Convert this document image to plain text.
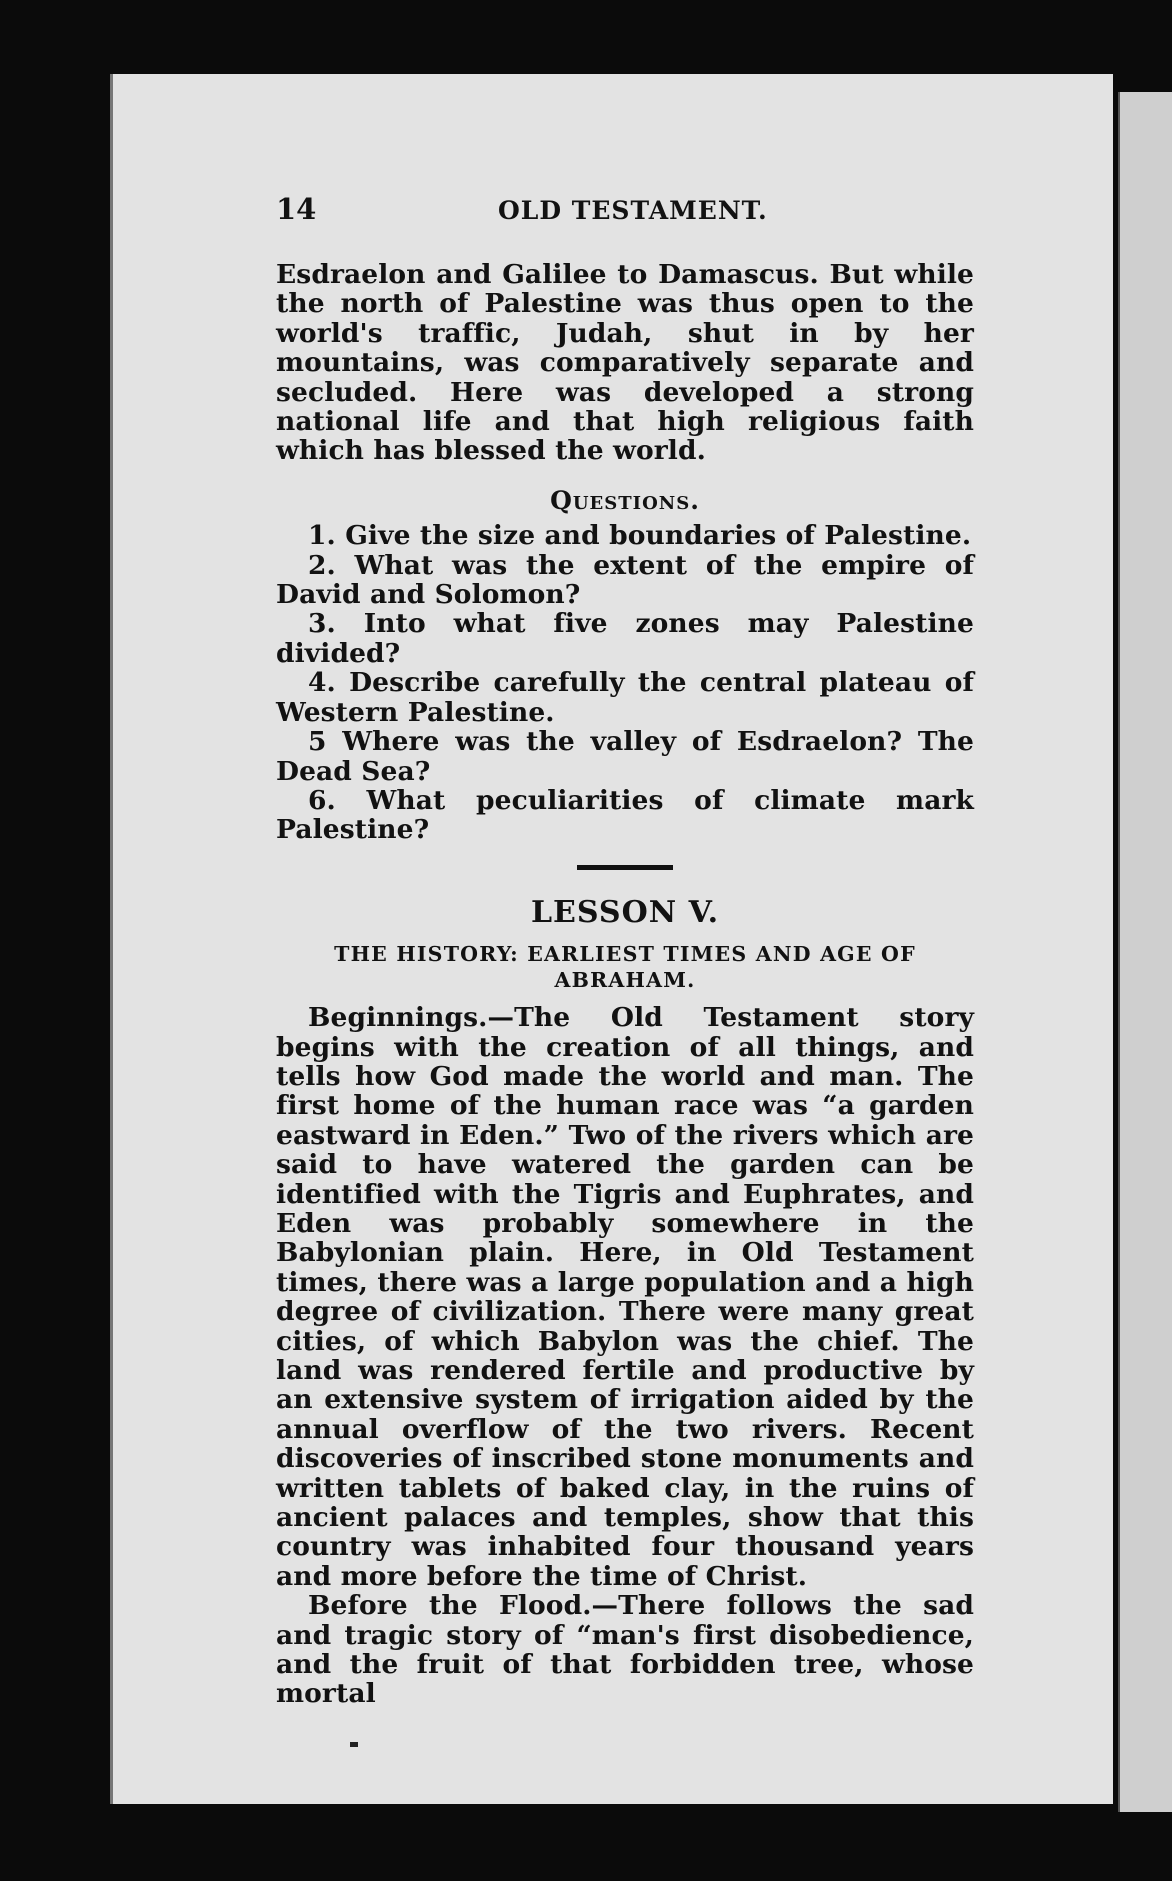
14	OLD TESTAMENT.

Esdraelon and Galilee to Damascus. But while the north of Palestine was thus open to the world's traffic, Judah, shut in by her mountains, was comparatively separate and secluded. Here was developed a strong national life and that high religious faith which has blessed the world.

Questions.

1. Give the size and boundaries of Palestine.

2. What was the extent of the empire of David and Solomon?

3. Into what five zones may Palestine divided?

4. Describe carefully the central plateau of Western Palestine.

5 Where was the valley of Esdraelon? The Dead Sea?

6. What peculiarities of climate mark Palestine?

LESSON V.

THE HISTORY: EARLIEST TIMES AND AGE OF ABRAHAM.

Beginnings.—The Old Testament story begins with the creation of all things, and tells how God made the world and man. The first home of the human race was “a garden eastward in Eden.” Two of the rivers which are said to have watered the garden can be identified with the Tigris and Euphrates, and Eden was probably somewhere in the Babylonian plain. Here, in Old Testament times, there was a large population and a high degree of civilization. There were many great cities, of which Babylon was the chief. The land was rendered fertile and productive by an extensive system of irrigation aided by the annual overflow of the two rivers. Recent discoveries of inscribed stone monuments and written tablets of baked clay, in the ruins of ancient palaces and temples, show that this country was inhabited four thousand years and more before the time of Christ.

Before the Flood.—There follows the sad and tragic story of “man's first disobedience, and the fruit of that forbidden tree, whose mortal
